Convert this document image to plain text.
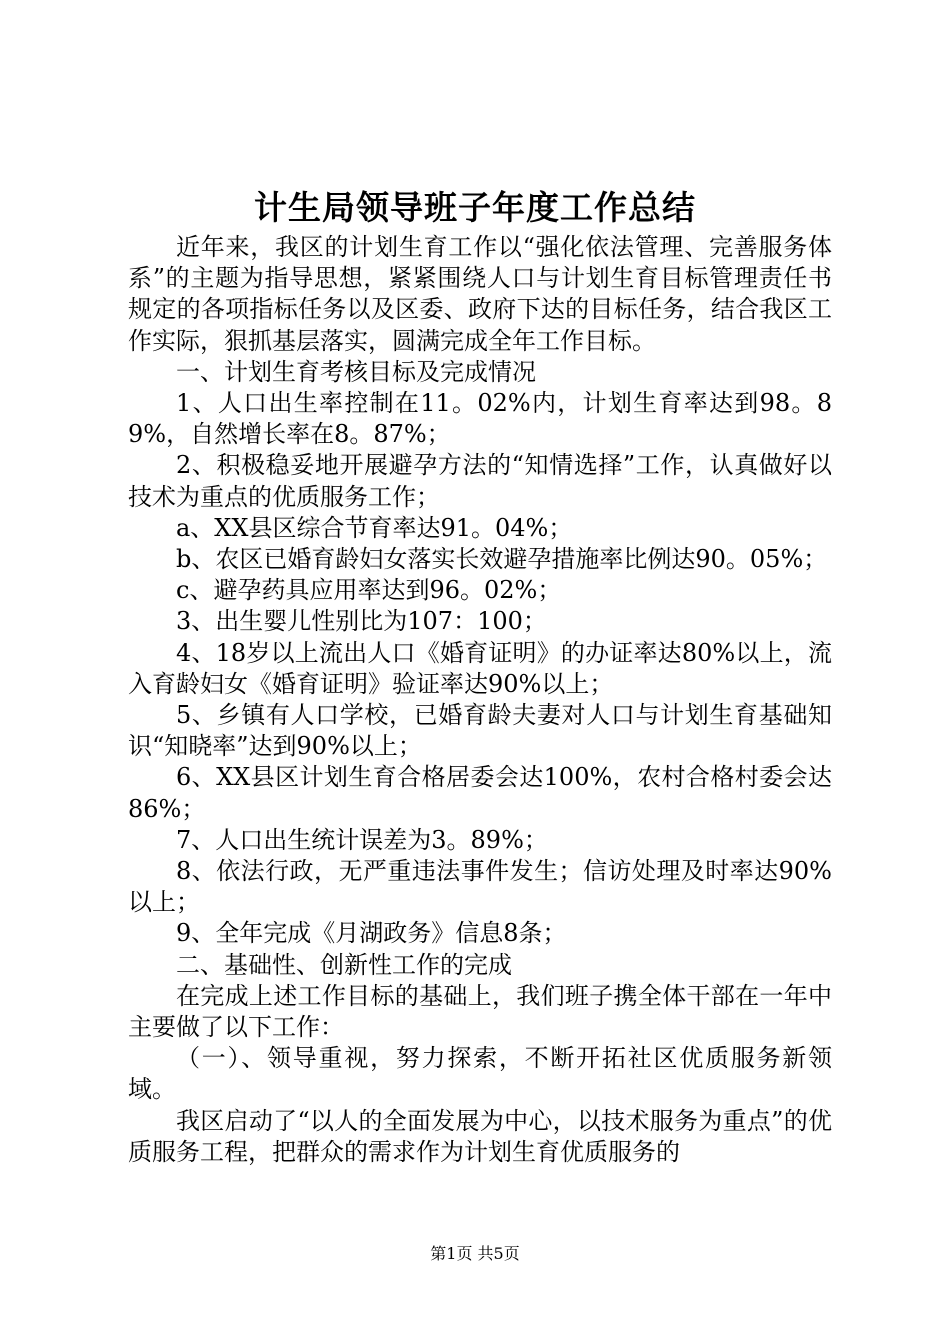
计生局领导班子年度工作总结

近年来，我区的计划生育工作以“强化依法管理、完善服务体系”的主题为指导思想，紧紧围绕人口与计划生育目标管理责任书规定的各项指标任务以及区委、政府下达的目标任务，结合我区工作实际，狠抓基层落实，圆满完成全年工作目标。

一、计划生育考核目标及完成情况

1、人口出生率控制在11。02%内，计划生育率达到98。89%，自然增长率在8。87%；

2、积极稳妥地开展避孕方法的“知情选择”工作，认真做好以技术为重点的优质服务工作；

a、XX县区综合节育率达91。04%；

b、农区已婚育龄妇女落实长效避孕措施率比例达90。05%；

c、避孕药具应用率达到96。02%；

3、出生婴儿性别比为107：100；

4、18岁以上流出人口《婚育证明》的办证率达80%以上，流入育龄妇女《婚育证明》验证率达90%以上；

5、乡镇有人口学校，已婚育龄夫妻对人口与计划生育基础知识“知晓率”达到90%以上；

6、XX县区计划生育合格居委会达100%，农村合格村委会达86%；

7、人口出生统计误差为3。89%；

8、依法行政，无严重违法事件发生；信访处理及时率达90%以上；

9、全年完成《月湖政务》信息8条；

二、基础性、创新性工作的完成

在完成上述工作目标的基础上，我们班子携全体干部在一年中主要做了以下工作：

（一）、领导重视，努力探索，不断开拓社区优质服务新领域。

我区启动了“以人的全面发展为中心，以技术服务为重点”的优质服务工程，把群众的需求作为计划生育优质服务的

第1页 共5页
